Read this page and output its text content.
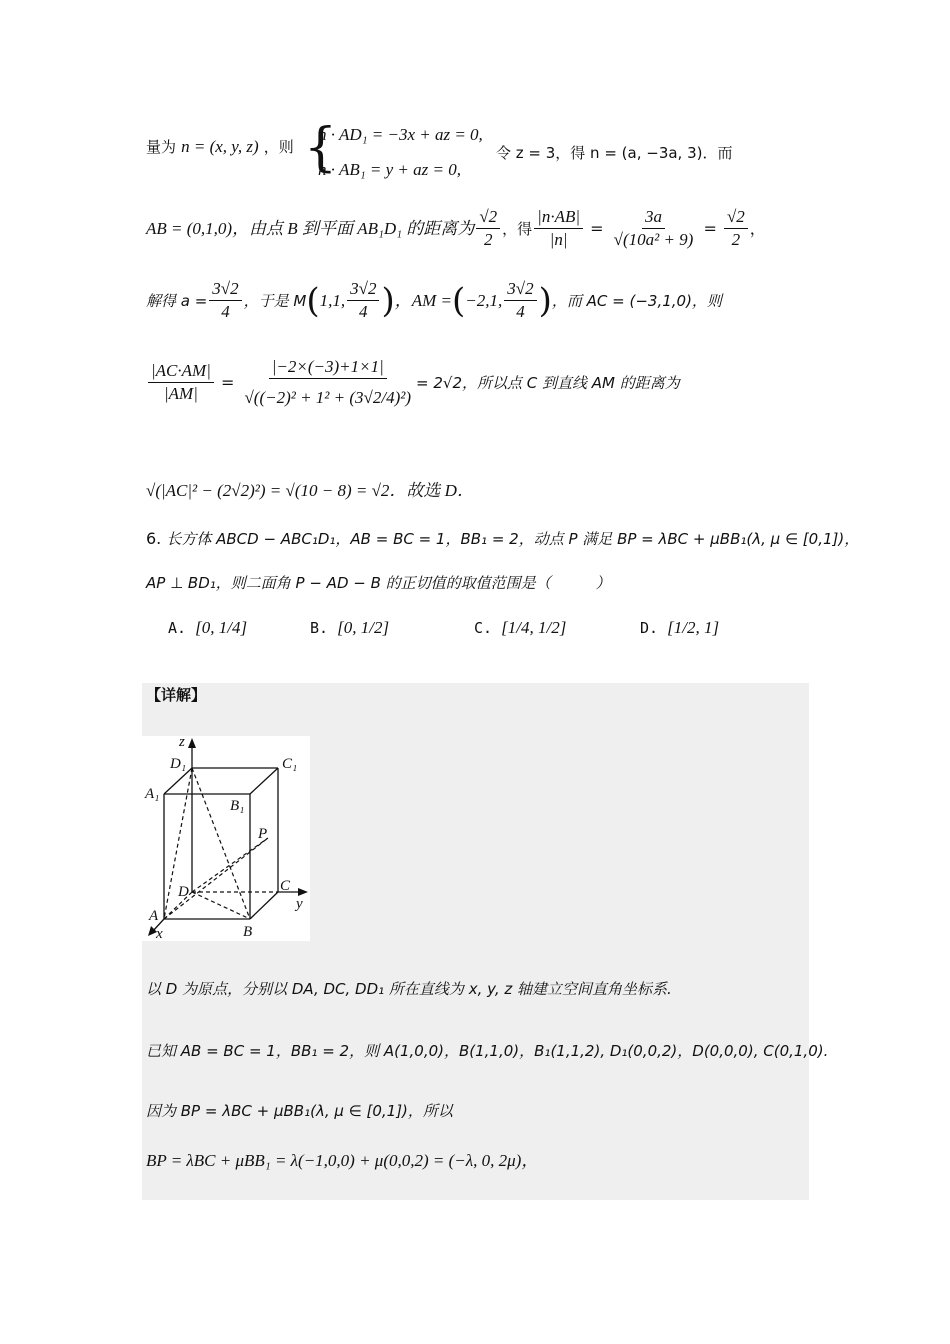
量为 n = (x, y, z) ，则 {
n · AD₁ = −3x + az = 0,
n · AB₁ = y + az = 0,
令 z = 3，得 n = (a, −3a, 3)．而
AB = (0,1,0)，由点 B 到平面 AB₁D₁ 的距离为 $\frac{√2}{2}$ ，得 $\frac{|n\cdot AB|}{|n|} = \frac{3a}{\text{√(10a² + 9)}} = \frac{√2}{2}$ ，
解得 $a = \frac{3√2}{4}$ ，于是 M ( 1,1, $\frac{3√2}{4}$ ) ，AM = ( −2,1, $\frac{3√2}{4}$ ) ，而 AC = (−3,1,0)，则
$\frac{|AC\cdot AM|}{|AM|} = \frac{|-2\times(-3)+1\times 1|}{\text{√((−2)² + 1² + (3√2/4)²)}} = 2√2$，所以点 C 到直线 AM 的距离为
√(|AC|² − (2√2)²) = √(10 − 8) = √2．故选 D．
6. 长方体 ABCD − ABC₁D₁，AB = BC = 1，BB₁ = 2，动点 P 满足 BP = λBC + μBB₁(λ, μ ∈ [0,1])，
AP ⊥ BD₁，则二面角 P − AD − B 的正切值的取值范围是（　　　）
A. [0, 1/4]	B. [0, 1/2]	C. [1/4, 1/2]	D. [1/2, 1]
【详解】
z
D₁	C₁
A₁
B₁
P
D	C
y
A
x	B
以 D 为原点，分别以 DA, DC, DD₁ 所在直线为 x, y, z 轴建立空间直角坐标系.
已知 AB = BC = 1，BB₁ = 2，则 A(1,0,0)，B(1,1,0)，B₁(1,1,2), D₁(0,0,2)，D(0,0,0), C(0,1,0).
因为 BP = λBC + μBB₁(λ, μ ∈ [0,1])，所以
BP = λBC + μBB₁ = λ(−1,0,0) + μ(0,0,2) = (−λ, 0, 2μ)，
